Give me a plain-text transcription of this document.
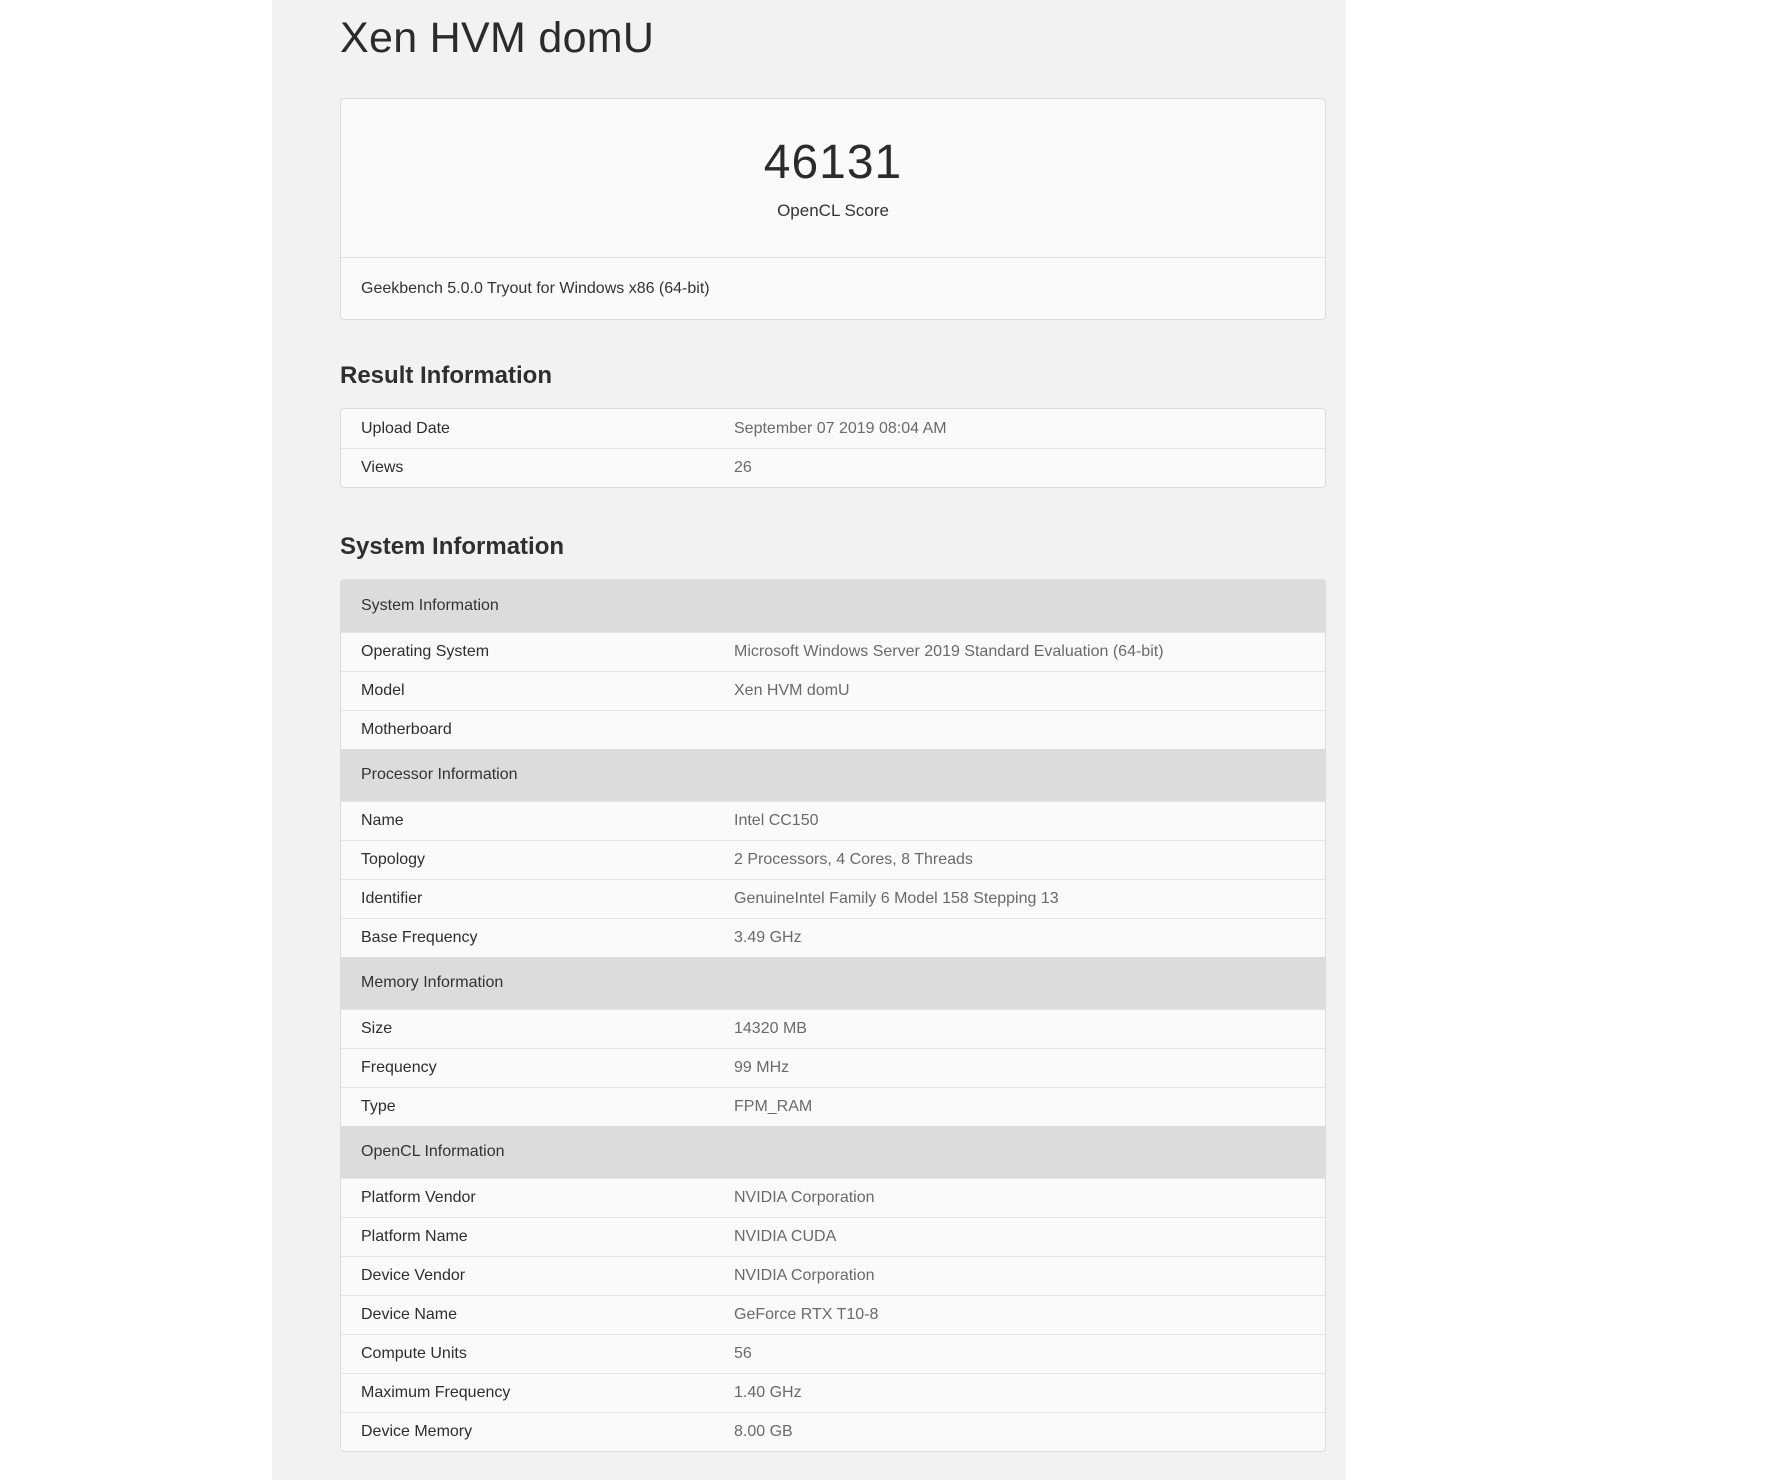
Xen HVM domU
46131
OpenCL Score
Geekbench 5.0.0 Tryout for Windows x86 (64-bit)
Result Information
Upload Date	September 07 2019 08:04 AM
Views	26
System Information
System Information
Operating System	Microsoft Windows Server 2019 Standard Evaluation (64-bit)
Model	Xen HVM domU
Motherboard
Processor Information
Name	Intel CC150
Topology	2 Processors, 4 Cores, 8 Threads
Identifier	GenuineIntel Family 6 Model 158 Stepping 13
Base Frequency	3.49 GHz
Memory Information
Size	14320 MB
Frequency	99 MHz
Type	FPM_RAM
OpenCL Information
Platform Vendor	NVIDIA Corporation
Platform Name	NVIDIA CUDA
Device Vendor	NVIDIA Corporation
Device Name	GeForce RTX T10-8
Compute Units	56
Maximum Frequency	1.40 GHz
Device Memory	8.00 GB
